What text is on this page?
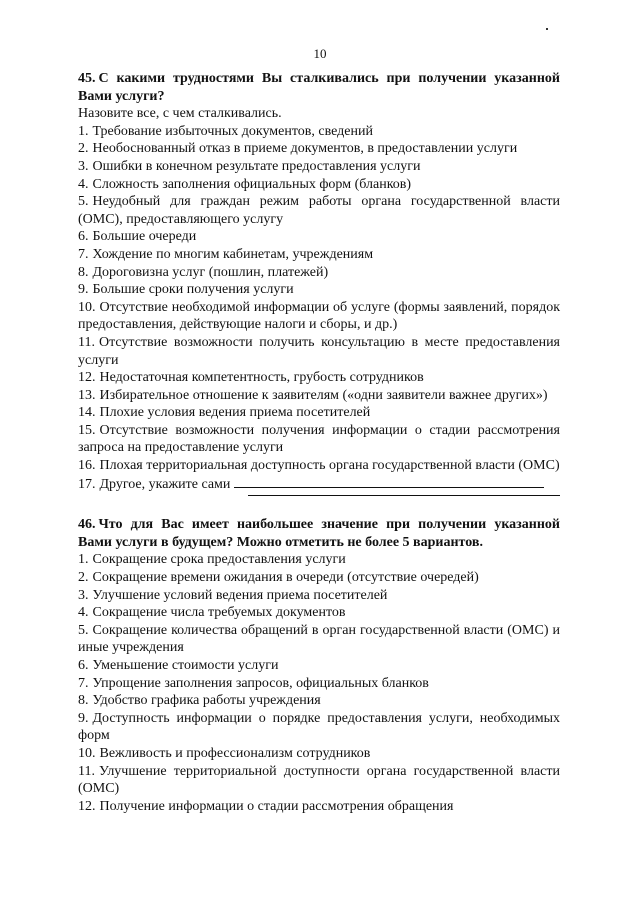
10

45. С какими трудностями Вы сталкивались при получении указанной Вами услуги?

Назовите все, с чем сталкивались.

1. Требование избыточных документов, сведений

2. Необоснованный отказ в приеме документов, в предоставлении услуги

3. Ошибки в конечном результате предоставления услуги

4. Сложность заполнения официальных форм (бланков)

5. Неудобный для граждан режим работы органа государственной власти (ОМС), предоставляющего услугу

6. Большие очереди

7. Хождение по многим кабинетам, учреждениям

8. Дороговизна услуг (пошлин, платежей)

9. Большие сроки получения услуги

10. Отсутствие необходимой информации об услуге (формы заявлений, порядок предоставления, действующие налоги и сборы, и др.)

11. Отсутствие возможности получить консультацию в месте предоставления услуги

12. Недостаточная компетентность, грубость сотрудников

13. Избирательное отношение к заявителям («одни заявители важнее других»)

14. Плохие условия ведения приема посетителей

15. Отсутствие возможности получения информации о стадии рассмотрения запроса на предоставление услуги

16. Плохая территориальная доступность органа государственной власти (ОМС)

17. Другое, укажите сами

46. Что для Вас имеет наибольшее значение при получении указанной Вами услуги в будущем? Можно отметить не более 5 вариантов.

1. Сокращение срока предоставления услуги

2. Сокращение времени ожидания в очереди (отсутствие очередей)

3. Улучшение условий ведения приема посетителей

4. Сокращение числа требуемых документов

5. Сокращение количества обращений в орган государственной власти (ОМС) и иные учреждения

6. Уменьшение стоимости услуги

7. Упрощение заполнения запросов, официальных бланков

8. Удобство графика работы учреждения

9. Доступность информации о порядке предоставления услуги, необходимых форм

10. Вежливость и профессионализм сотрудников

11. Улучшение территориальной доступности органа государственной власти (ОМС)

12. Получение информации о стадии рассмотрения обращения
